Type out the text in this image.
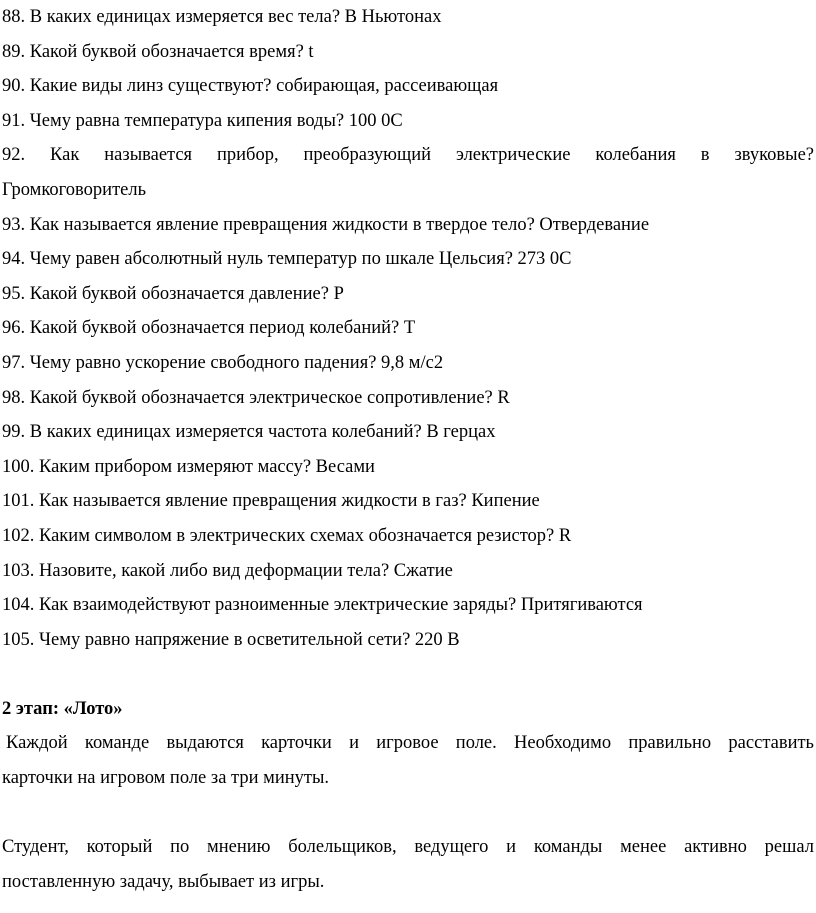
88. В каких единицах измеряется вес тела? В Ньютонах
89. Какой буквой обозначается время? t
90. Какие виды линз существуют? собирающая, рассеивающая
91. Чему равна температура кипения воды? 100 0С
92. Как называется прибор, преобразующий электрические колебания в звуковые?
Громкоговоритель
93. Как называется явление превращения жидкости в твердое тело? Отвердевание
94. Чему равен абсолютный нуль температур по шкале Цельсия? 273 0С
95. Какой буквой обозначается давление? Р
96. Какой буквой обозначается период колебаний? Т
97. Чему равно ускорение свободного падения? 9,8 м/с2
98. Какой буквой обозначается электрическое сопротивление? R
99. В каких единицах измеряется частота колебаний? В герцах
100. Каким прибором измеряют массу? Весами
101. Как называется явление превращения жидкости в газ? Кипение
102. Каким символом в электрических схемах обозначается резистор? R
103. Назовите, какой либо вид деформации тела? Сжатие
104. Как взаимодействуют разноименные электрические заряды? Притягиваются
105. Чему равно напряжение в осветительной сети? 220 В

2 этап: «Лото»

Каждой команде выдаются карточки и игровое поле. Необходимо правильно расставить

карточки на игровом поле за три минуты.

Студент, который по мнению болельщиков, ведущего и команды менее активно решал

поставленную задачу, выбывает из игры.
